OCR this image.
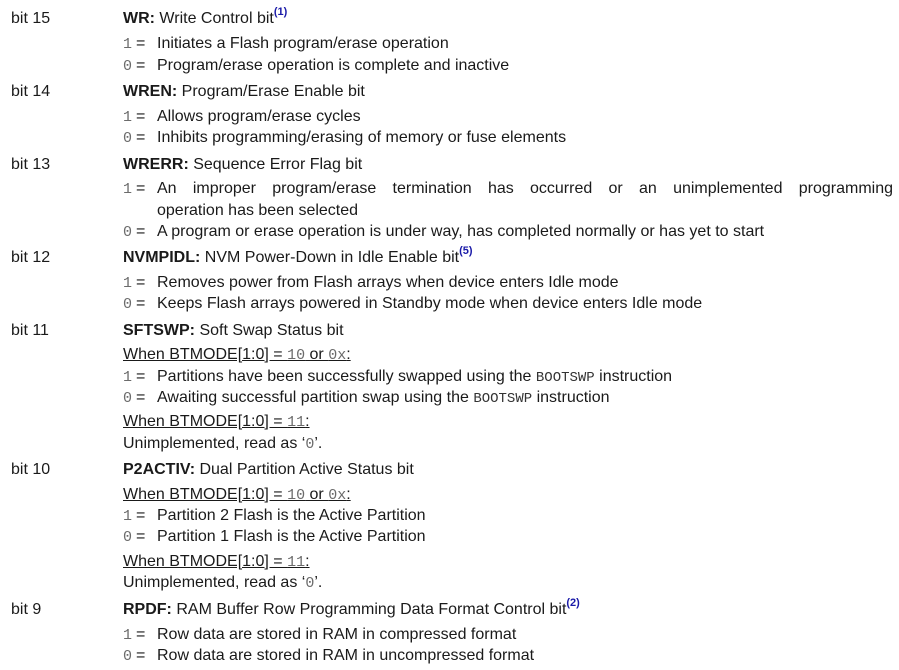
bit 15	WR: Write Control bit$^{(1)}$
1 = Initiates a Flash program/erase operation
0 = Program/erase operation is complete and inactive
bit 14	WREN: Program/Erase Enable bit
1 = Allows program/erase cycles
0 = Inhibits programming/erasing of memory or fuse elements
bit 13	WRERR: Sequence Error Flag bit
1 = An improper program/erase termination has occurred or an unimplemented programming
operation has been selected
0 = A program or erase operation is under way, has completed normally or has yet to start
bit 12	NVMPIDL: NVM Power-Down in Idle Enable bit$^{(5)}$
1 = Removes power from Flash arrays when device enters Idle mode
0 = Keeps Flash arrays powered in Standby mode when device enters Idle mode
bit 11	SFTSWP: Soft Swap Status bit
When BTMODE[1:0] = 10 or 0x:
1 = Partitions have been successfully swapped using the BOOTSWP instruction
0 = Awaiting successful partition swap using the BOOTSWP instruction
When BTMODE[1:0] = 11:
Unimplemented, read as ‘0’.
bit 10	P2ACTIV: Dual Partition Active Status bit
When BTMODE[1:0] = 10 or 0x:
1 = Partition 2 Flash is the Active Partition
0 = Partition 1 Flash is the Active Partition
When BTMODE[1:0] = 11:
Unimplemented, read as ‘0’.
bit 9	RPDF: RAM Buffer Row Programming Data Format Control bit$^{(2)}$
1 = Row data are stored in RAM in compressed format
0 = Row data are stored in RAM in uncompressed format
